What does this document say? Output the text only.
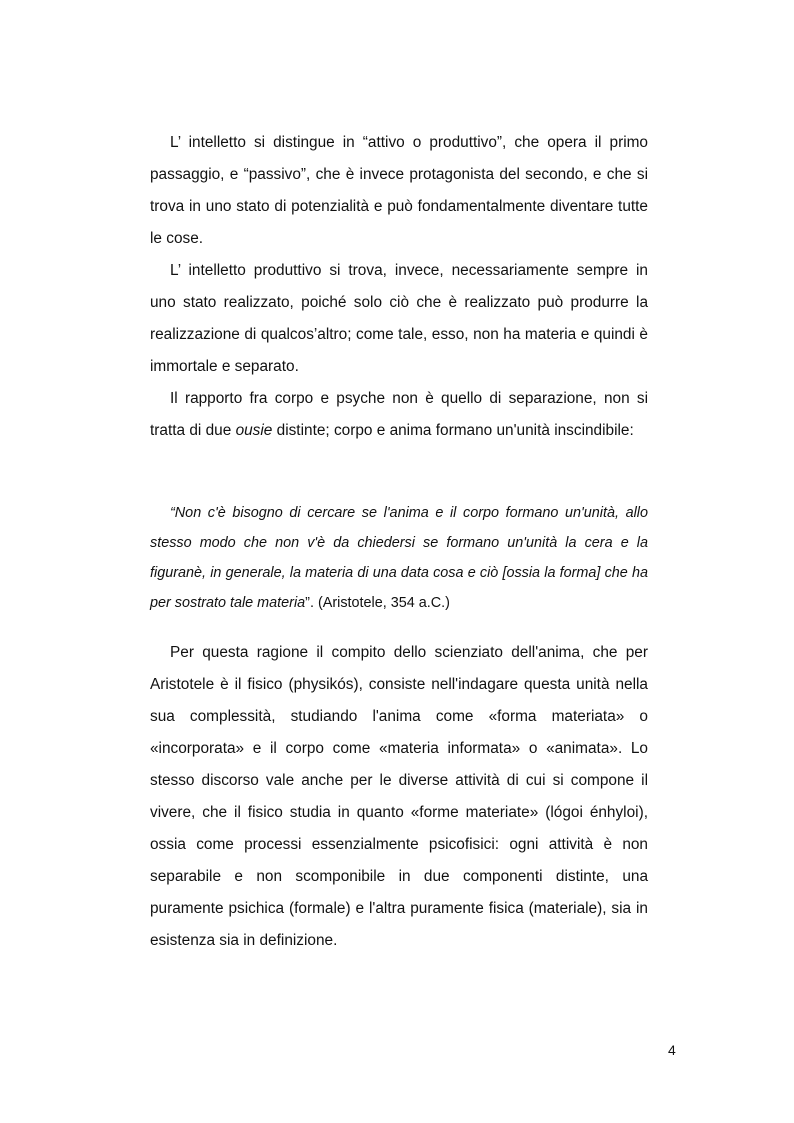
L’ intelletto si distingue in “attivo o produttivo”, che opera il primo passaggio, e “passivo”, che è invece protagonista del secondo, e che si trova in uno stato di potenzialità e può fondamentalmente diventare tutte le cose.

L’ intelletto produttivo si trova, invece, necessariamente sempre in uno stato realizzato, poiché solo ciò che è realizzato può produrre la realizzazione di qualcos’altro; come tale, esso, non ha materia e quindi è immortale e separato.

Il rapporto fra corpo e psyche non è quello di separazione, non si tratta di due ousie distinte; corpo e anima formano un'unità inscindibile:

“Non c'è bisogno di cercare se l'anima e il corpo formano un'unità, allo stesso modo che non v'è da chiedersi se formano un'unità la cera e la figuranè, in generale, la materia di una data cosa e ciò [ossia la forma] che ha per sostrato tale materia”. (Aristotele, 354 a.C.)

Per questa ragione il compito dello scienziato dell'anima, che per Aristotele è il fisico (physikós), consiste nell'indagare questa unità nella sua complessità, studiando l'anima come «forma materiata» o «incorporata» e il corpo come «materia informata» o «animata». Lo stesso discorso vale anche per le diverse attività di cui si compone il vivere, che il fisico studia in quanto «forme materiate» (lógoi énhyloi), ossia come processi essenzialmente psicofisici: ogni attività è non separabile e non scomponibile in due componenti distinte, una puramente psichica (formale) e l'altra puramente fisica (materiale), sia in esistenza sia in definizione.

4
